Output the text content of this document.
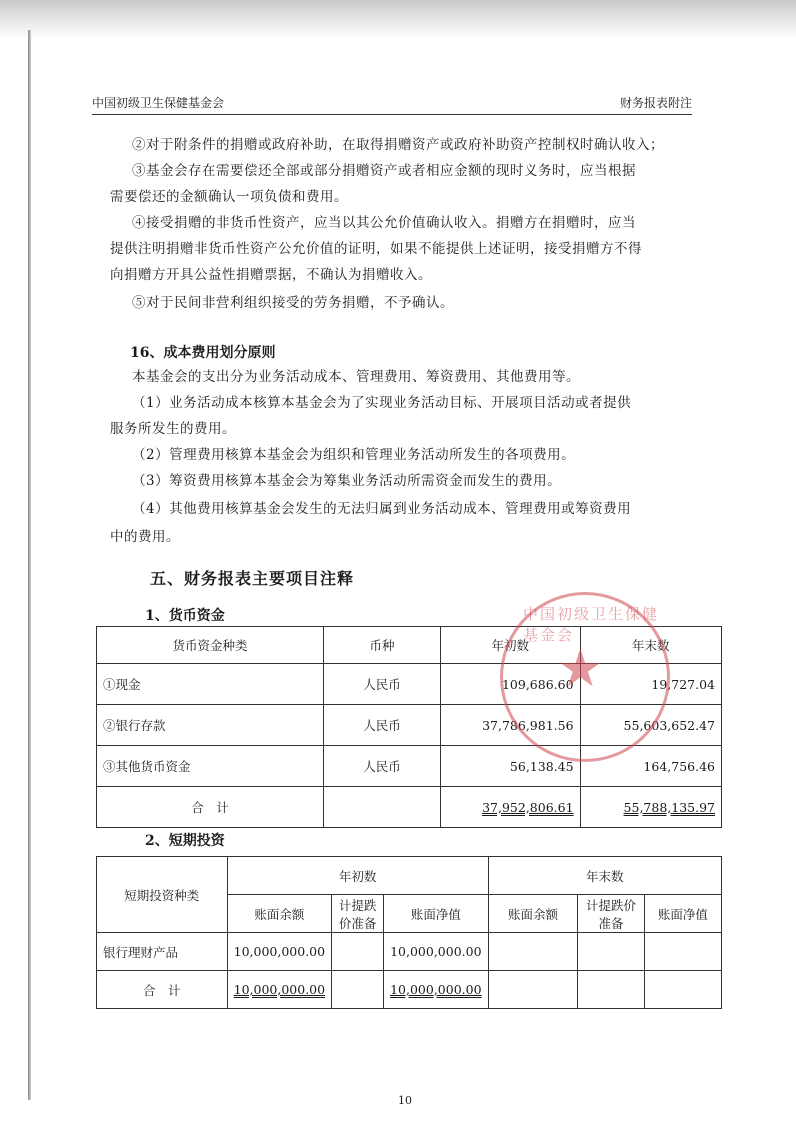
中国初级卫生保健基金会	财务报表附注

②对于附条件的捐赠或政府补助，在取得捐赠资产或政府补助资产控制权时确认收入；

③基金会存在需要偿还全部或部分捐赠资产或者相应金额的现时义务时，应当根据

需要偿还的金额确认一项负债和费用。

④接受捐赠的非货币性资产，应当以其公允价值确认收入。捐赠方在捐赠时，应当

提供注明捐赠非货币性资产公允价值的证明，如果不能提供上述证明，接受捐赠方不得

向捐赠方开具公益性捐赠票据，不确认为捐赠收入。

⑤对于民间非营利组织接受的劳务捐赠，不予确认。

16、成本费用划分原则

本基金会的支出分为业务活动成本、管理费用、筹资费用、其他费用等。

（1）业务活动成本核算本基金会为了实现业务活动目标、开展项目活动或者提供

服务所发生的费用。

（2）管理费用核算本基金会为组织和管理业务活动所发生的各项费用。

（3）筹资费用核算本基金会为筹集业务活动所需资金而发生的费用。

（4）其他费用核算基金会发生的无法归属到业务活动成本、管理费用或筹资费用

中的费用。

五、财务报表主要项目注释
1、货币资金
货币资金种类	币种	年初数	年末数
①现金	人民币	109,686.60	19,727.04
②银行存款	人民币	37,786,981.56	55,603,652.47
③其他货币资金	人民币	56,138.45	164,756.46
合　计		37,952,806.61	55,788,135.97
中国初级卫生保健基金会
★
2、短期投资
短期投资种类	年初数			年末数		
	账面余额	计提跌价准备	账面净值	账面余额	计提跌价准备	账面净值
银行理财产品	10,000,000.00		10,000,000.00			
合　计	10,000,000.00		10,000,000.00			
10
